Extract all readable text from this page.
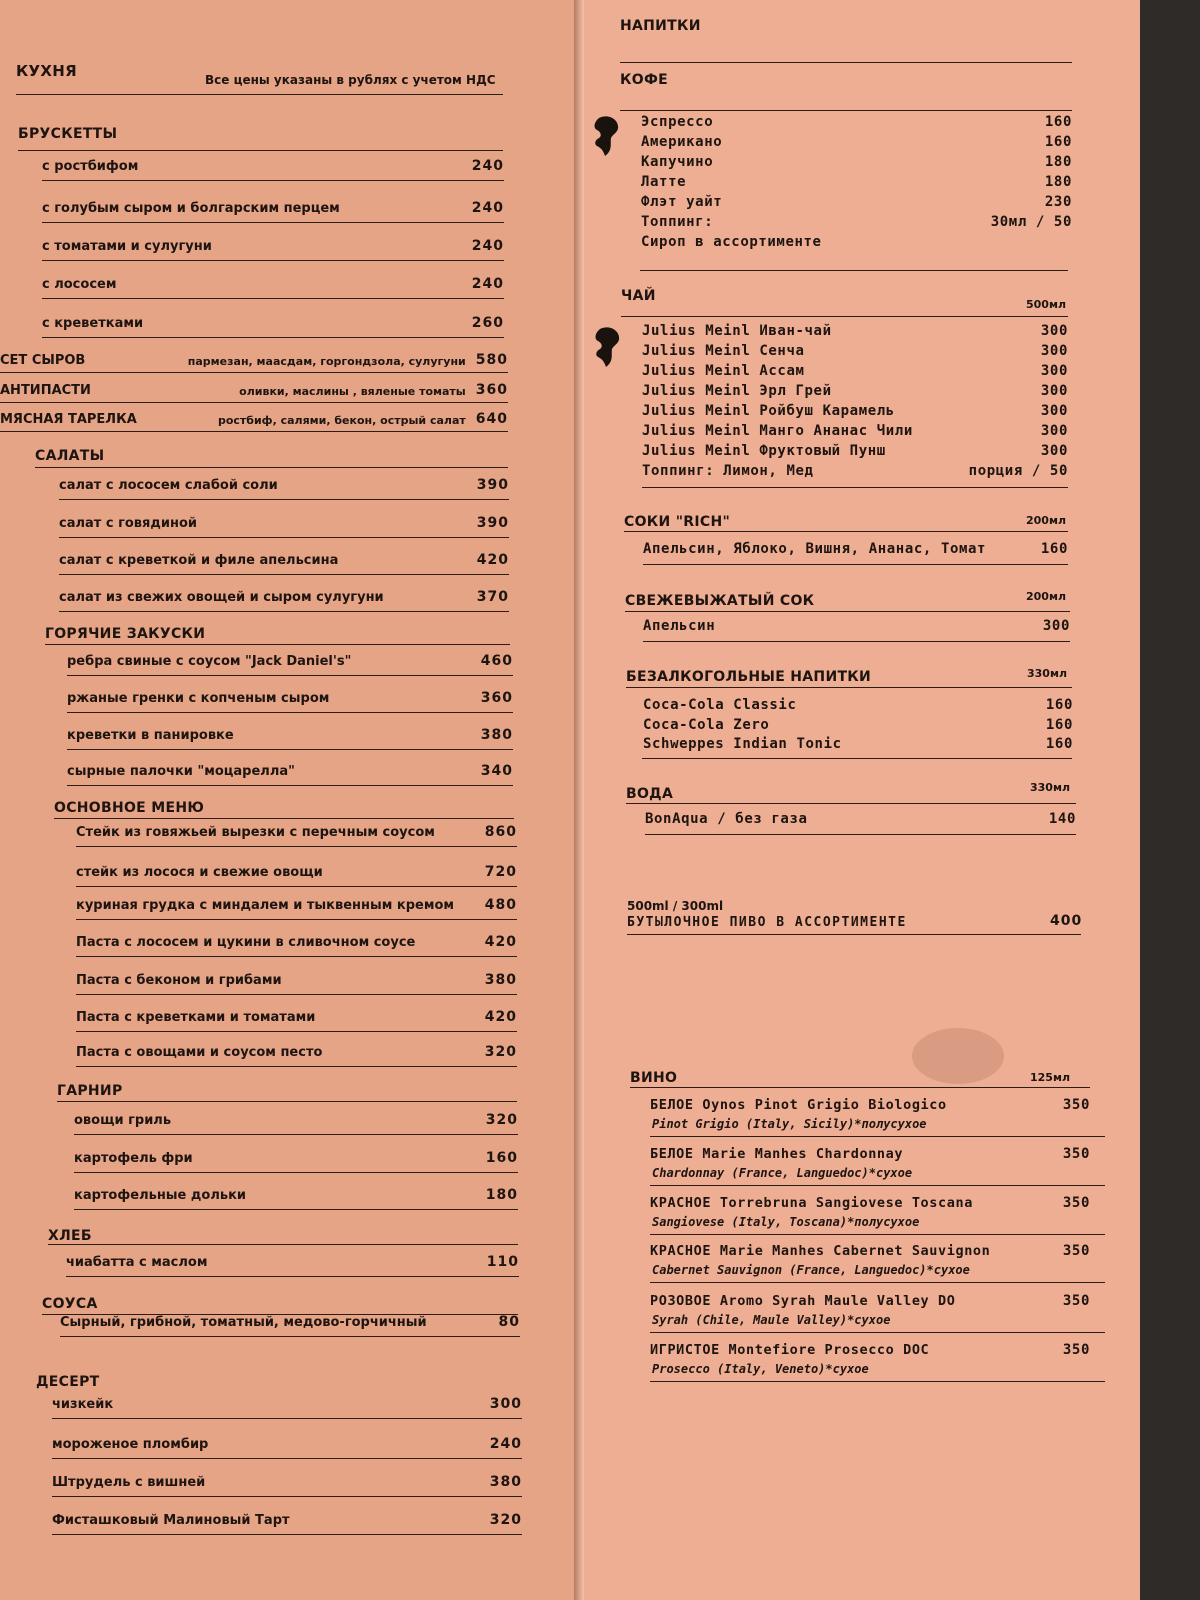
КУХНЯ	Все цены указаны в рублях с учетом НДС
БРУСКЕТТЫ
с ростбифом	240
с голубым сыром и болгарским перцем	240
с томатами и сулугуни	240
с лососем	240
с креветками	260
СЕТ СЫРОВ	пармезан, маасдам, горгондзола, сулугуни 580
АНТИПАСТИ	оливки, маслины , вяленые томаты 360
МЯСНАЯ ТАРЕЛКА	ростбиф, салями, бекон, острый салат 640
САЛАТЫ
салат с лососем слабой соли	390
салат с говядиной	390
салат с креветкой и филе апельсина	420
салат из свежих овощей и сыром сулугуни	370
ГОРЯЧИЕ ЗАКУСКИ
ребра свиные с соусом "Jack Daniel's"	460
ржаные гренки с копченым сыром	360
креветки в панировке	380
сырные палочки "моцарелла"	340
ОСНОВНОЕ МЕНЮ
Стейк из говяжьей вырезки с перечным соусом	860
стейк из лосося и свежие овощи	720
куриная грудка с миндалем и тыквенным кремом 480
Паста с лососем и цукини в сливочном соусе	420
Паста с беконом и грибами	380
Паста с креветками и томатами	420
Паста с овощами и соусом песто	320
ГАРНИР
овощи гриль	320
картофель фри	160
картофельные дольки	180
ХЛЕБ
чиабатта с маслом	110
СОУСА
Сырный, грибной, томатный, медово-горчичный	80
ДЕСЕРТ
чизкейк	300
мороженое пломбир	240
Штрудель с вишней	380
Фисташковый Малиновый Тарт	320
НАПИТКИ
КОФЕ
Эспрессо	160
Американо	160
Капучино	180
Латте	180
Флэт уайт	230
Топпинг:	30мл / 50
Сироп в ассортименте
ЧАЙ
500мл
Julius Meinl Иван-чай	300
Julius Meinl Сенча	300
Julius Meinl Ассам	300
Julius Meinl Эрл Грей	300
Julius Meinl Ройбуш Карамель	300
Julius Meinl Манго Ананас Чили	300
Julius Meinl Фруктовый Пунш	300
Топпинг: Лимон, Мед	порция / 50
СОКИ "RICH"	200мл
Апельсин, Яблоко, Вишня, Ананас, Томат	160
СВЕЖЕВЫЖАТЫЙ СОК	200мл
Апельсин	300
БЕЗАЛКОГОЛЬНЫЕ НАПИТКИ	330мл
Coca-Cola Classic	160
Coca-Cola Zero	160
Schweppes Indian Tonic	160
ВОДА	330мл
BonAqua / без газа	140
500ml / 300ml
БУТЫЛОЧНОЕ ПИВО В АССОРТИМЕНТЕ	400
ВИНО	125мл
БЕЛОЕ Oynos Pinot Grigio Biologico	350
Pinot Grigio (Italy, Sicily)*полусухое
БЕЛОЕ Marie Manhes Chardonnay	350
Chardonnay (France, Languedoc)*сухое
КРАСНОЕ Torrebruna Sangiovese Toscana	350
Sangiovese (Italy, Toscana)*полусухое
КРАСНОЕ Marie Manhes Cabernet Sauvignon	350
Cabernet Sauvignon (France, Languedoc)*сухое
РОЗОВОЕ Aromo Syrah Maule Valley DO	350
Syrah (Chile, Maule Valley)*сухое
ИГРИСТОЕ Montefiore Prosecco DOC	350
Prosecco (Italy, Veneto)*сухое
